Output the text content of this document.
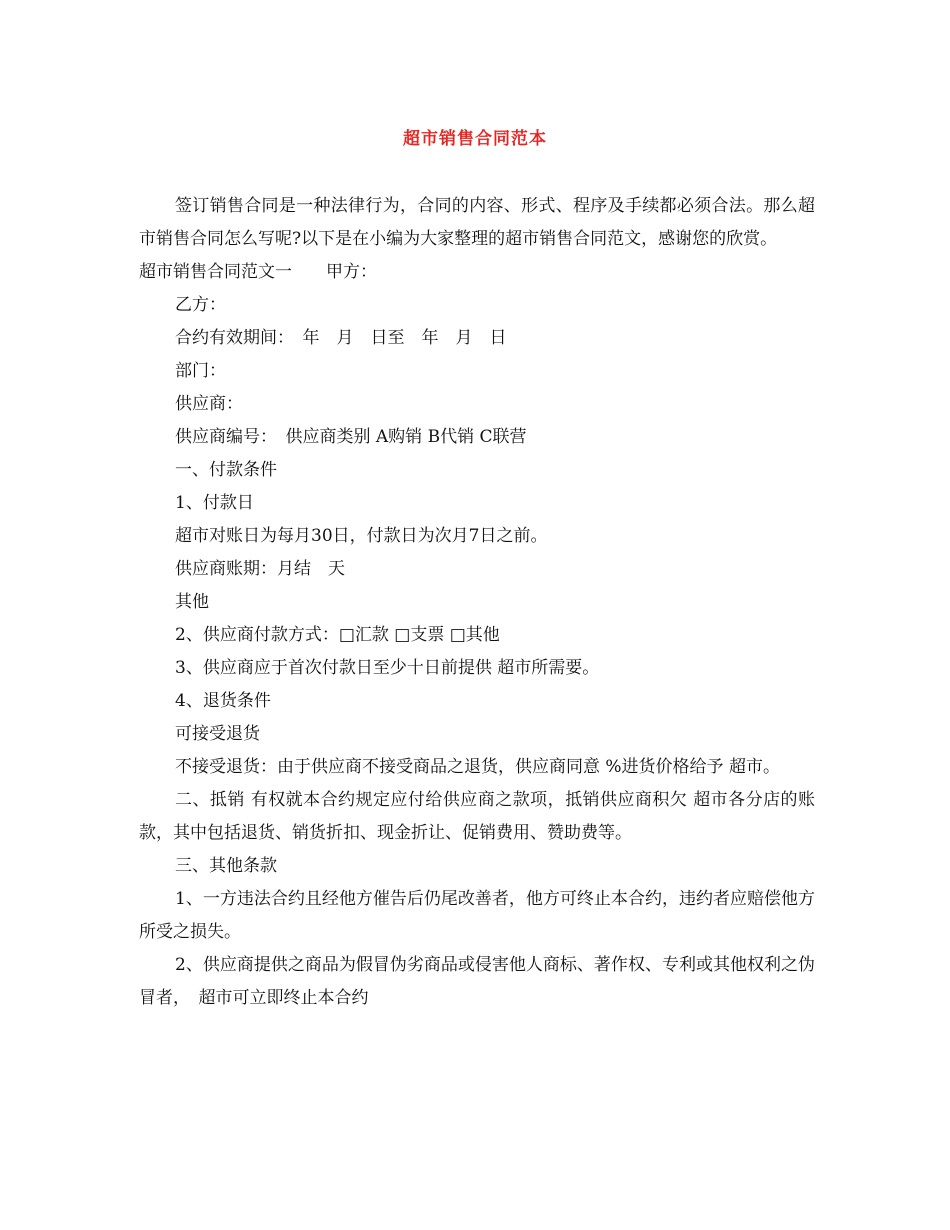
超市销售合同范本

签订销售合同是一种法律行为，合同的内容、形式、程序及手续都必须合法。那么超市销售合同怎么写呢?以下是在小编为大家整理的超市销售合同范文，感谢您的欣赏。

超市销售合同范文一　　甲方：

乙方：

合约有效期间：　年　月　日至　年　月　日

部门：

供应商：

供应商编号：　供应商类别 A购销 B代销 C联营

一、付款条件

1、付款日

超市对账日为每月30日，付款日为次月7日之前。

供应商账期：月结　天

其他

2、供应商付款方式：□汇款 □支票 □其他

3、供应商应于首次付款日至少十日前提供 超市所需要。

4、退货条件

可接受退货

不接受退货：由于供应商不接受商品之退货，供应商同意 %进货价格给予 超市。

二、抵销 有权就本合约规定应付给供应商之款项，抵销供应商积欠 超市各分店的账款，其中包括退货、销货折扣、现金折让、促销费用、赞助费等。

三、其他条款

1、一方违法合约且经他方催告后仍尾改善者，他方可终止本合约，违约者应赔偿他方所受之损失。

2、供应商提供之商品为假冒伪劣商品或侵害他人商标、著作权、专利或其他权利之伪冒者，　超市可立即终止本合约
